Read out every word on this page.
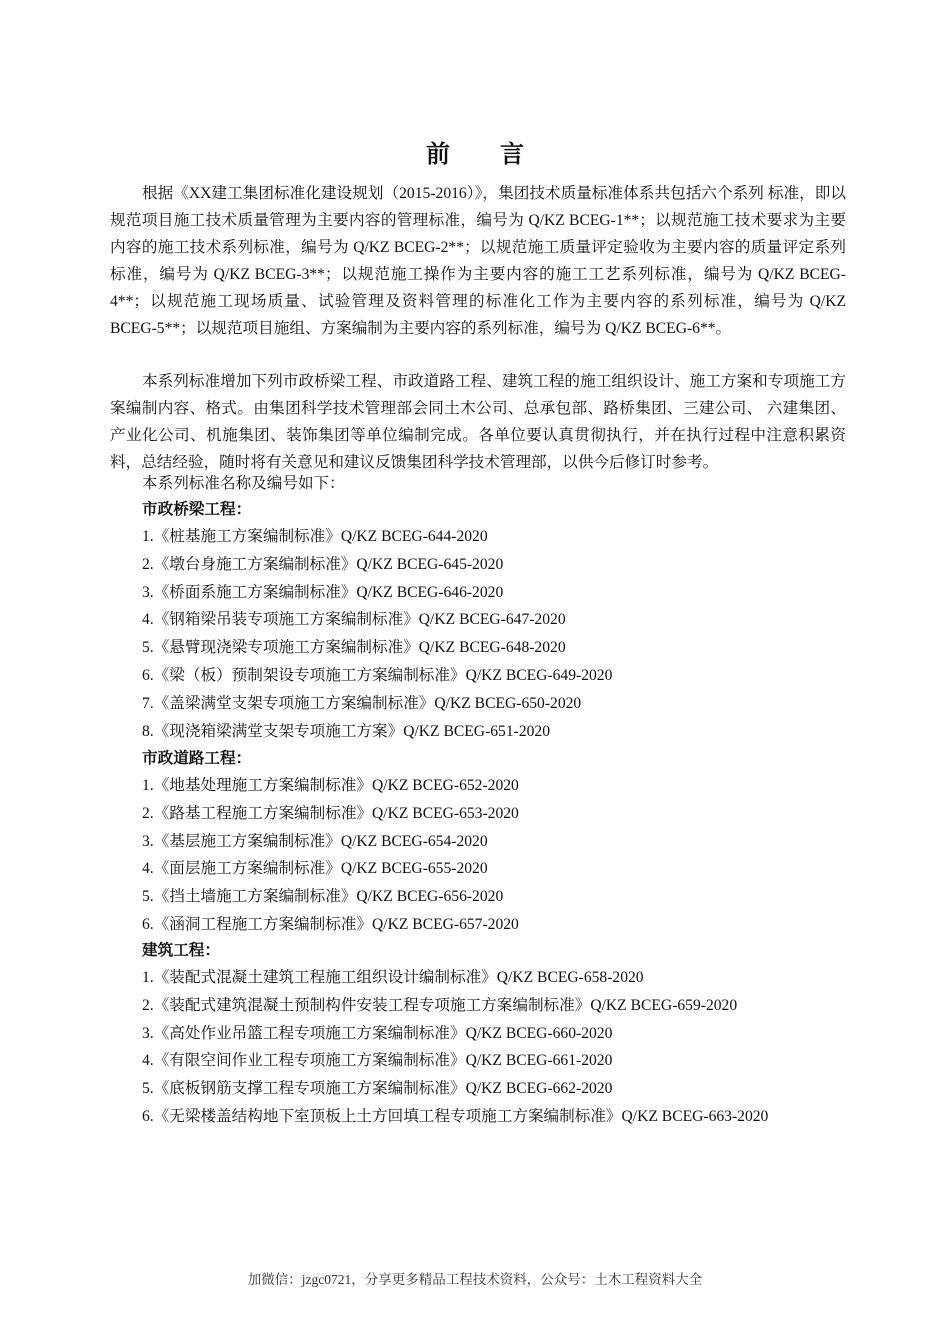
前 言
根据《XX建工集团标准化建设规划（2015-2016）》，集团技术质量标准体系共包括六个系列 标准，即以规范项目施工技术质量管理为主要内容的管理标准，编号为 Q/KZ BCEG-1**；以规范施工技术要求为主要内容的施工技术系列标准，编号为 Q/KZ BCEG-2**；以规范施工质量评定验收为主要内容的质量评定系列标准，编号为 Q/KZ BCEG-3**；以规范施工操作为主要内容的施工工艺系列标准，编号为 Q/KZ BCEG-4**；以规范施工现场质量、试验管理及资料管理的标准化工作为主要内容的系列标准，编号为 Q/KZ BCEG-5**；以规范项目施组、方案编制为主要内容的系列标准，编号为 Q/KZ BCEG-6**。
本系列标准增加下列市政桥梁工程、市政道路工程、建筑工程的施工组织设计、施工方案和专项施工方案编制内容、格式。由集团科学技术管理部会同土木公司、总承包部、路桥集团、三建公司、 六建集团、产业化公司、机施集团、装饰集团等单位编制完成。各单位要认真贯彻执行，并在执行过程中注意积累资料，总结经验，随时将有关意见和建议反馈集团科学技术管理部，以供今后修订时参考。
本系列标准名称及编号如下：
市政桥梁工程：
1.《桩基施工方案编制标准》Q/KZ BCEG-644-2020
2.《墩台身施工方案编制标准》Q/KZ BCEG-645-2020
3.《桥面系施工方案编制标准》Q/KZ BCEG-646-2020
4.《钢箱梁吊装专项施工方案编制标准》Q/KZ BCEG-647-2020
5.《悬臂现浇梁专项施工方案编制标准》Q/KZ BCEG-648-2020
6.《梁（板）预制架设专项施工方案编制标准》Q/KZ BCEG-649-2020
7.《盖梁满堂支架专项施工方案编制标准》Q/KZ BCEG-650-2020
8.《现浇箱梁满堂支架专项施工方案》Q/KZ BCEG-651-2020
市政道路工程：
1.《地基处理施工方案编制标准》Q/KZ BCEG-652-2020
2.《路基工程施工方案编制标准》Q/KZ BCEG-653-2020
3.《基层施工方案编制标准》Q/KZ BCEG-654-2020
4.《面层施工方案编制标准》Q/KZ BCEG-655-2020
5.《挡土墙施工方案编制标准》Q/KZ BCEG-656-2020
6.《涵洞工程施工方案编制标准》Q/KZ BCEG-657-2020
建筑工程：
1.《装配式混凝土建筑工程施工组织设计编制标准》Q/KZ BCEG-658-2020
2.《装配式建筑混凝土预制构件安装工程专项施工方案编制标准》Q/KZ BCEG-659-2020
3.《高处作业吊篮工程专项施工方案编制标准》Q/KZ BCEG-660-2020
4.《有限空间作业工程专项施工方案编制标准》Q/KZ BCEG-661-2020
5.《底板钢筋支撑工程专项施工方案编制标准》Q/KZ BCEG-662-2020
6.《无梁楼盖结构地下室顶板上土方回填工程专项施工方案编制标准》Q/KZ BCEG-663-2020
加微信：jzgc0721，分享更多精品工程技术资料，公众号：土木工程资料大全
